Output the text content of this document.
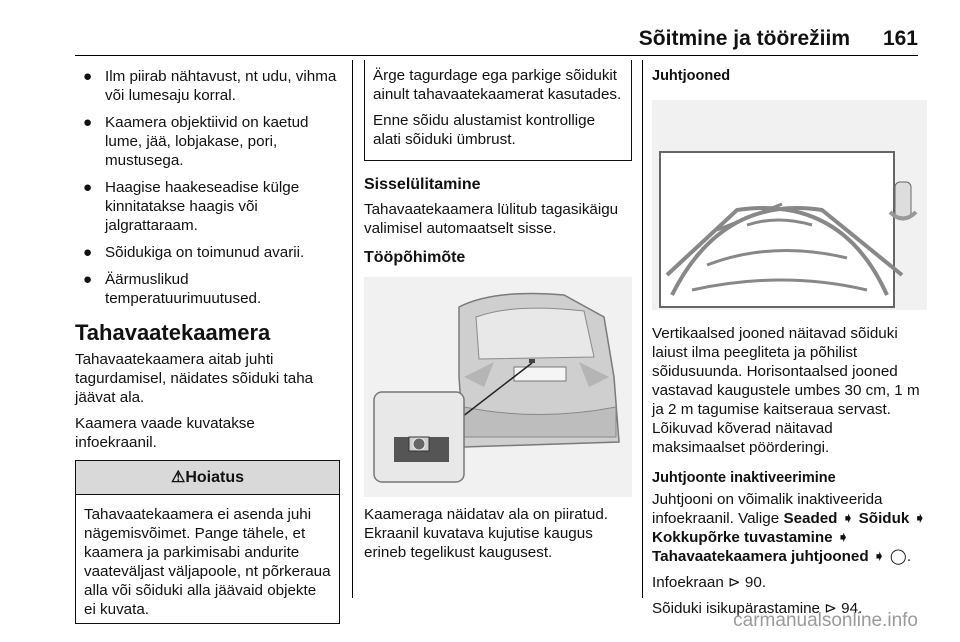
Sõitmine ja töörežiim 161
● Ilm piirab nähtavust, nt udu, vihma või lumesaju korral.
● Kaamera objektiivid on kaetud lume, jää, lobjakase, pori, mustusega.
● Haagise haakeseadise külge kinnitatakse haagis või jalgrattaraam.
● Sõidukiga on toimunud avarii.
● Äärmuslikud temperatuurimuutused.
Tahavaatekaamera

Tahavaatekaamera aitab juhti tagurdamisel, näidates sõiduki taha jäävat ala.

Kaamera vaade kuvatakse infoekraanil.

⚠Hoiatus
Tahavaatekaamera ei asenda juhi nägemisvõimet. Pange tähele, et kaamera ja parkimisabi andurite vaateväljast väljapoole, nt põrkeraua alla või sõiduki alla jäävaid objekte ei kuvata.

Ärge tagurdage ega parkige sõidukit ainult tahavaatekaamerat kasutades.

Enne sõidu alustamist kontrollige alati sõiduki ümbrust.

Sisselülitamine

Tahavaatekaamera lülitub tagasikäigu valimisel automaatselt sisse.

Tööpõhimõte

Kaameraga näidatav ala on piiratud. Ekraanil kuvatava kujutise kaugus erineb tegelikust kaugusest.

Juhtjooned

Vertikaalsed jooned näitavad sõiduki laiust ilma peegliteta ja põhilist sõidusuunda. Horisontaalsed jooned vastavad kaugustele umbes 30 cm, 1 m ja 2 m tagumise kaitseraua servast. Lõikuvad kõverad näitavad maksimaalset pöörderingi.

Juhtjoonte inaktiveerimine

Juhtjooni on võimalik inaktiveerida infoekraanil. Valige Seaded ➧ Sõiduk ➧ Kokkupõrke tuvastamine ➧ Tahavaatekaamera juhtjooned ➧ ◯.

Infoekraan ⊳ 90.

Sõiduki isikupärastamine ⊳ 94.

carmanualsonline.info
